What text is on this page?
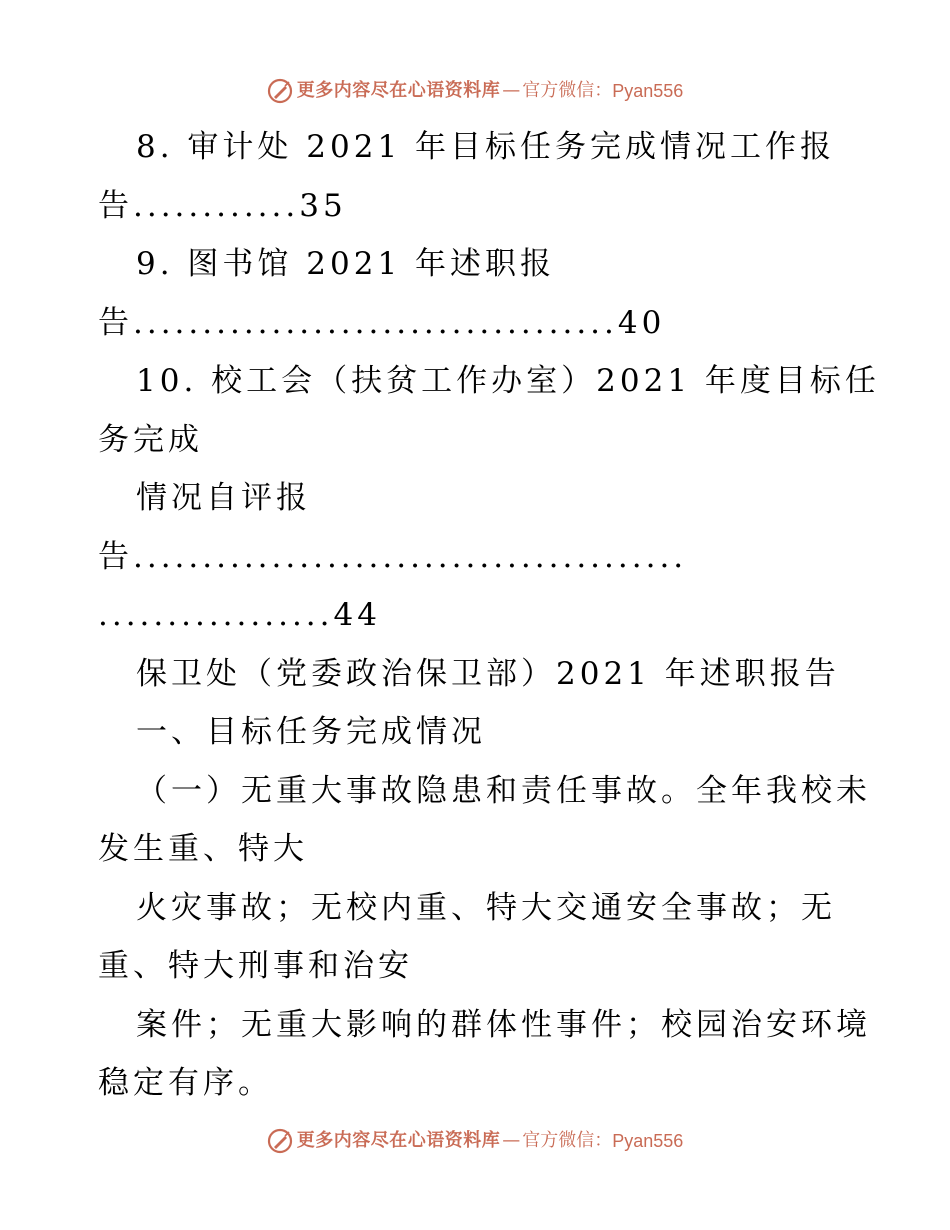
更多内容尽在心语资料库 — 官方微信：Pyan556
8. 审计处 2021 年目标任务完成情况工作报
告............35
9. 图书馆 2021 年述职报
告...................................40
10. 校工会（扶贫工作办室）2021 年度目标任
务完成
情况自评报
告........................................
.................44
保卫处（党委政治保卫部）2021 年述职报告
一、目标任务完成情况
（一）无重大事故隐患和责任事故。全年我校未
发生重、特大
火灾事故；无校内重、特大交通安全事故；无
重、特大刑事和治安
案件；无重大影响的群体性事件；校园治安环境
稳定有序。
更多内容尽在心语资料库 — 官方微信：Pyan556
